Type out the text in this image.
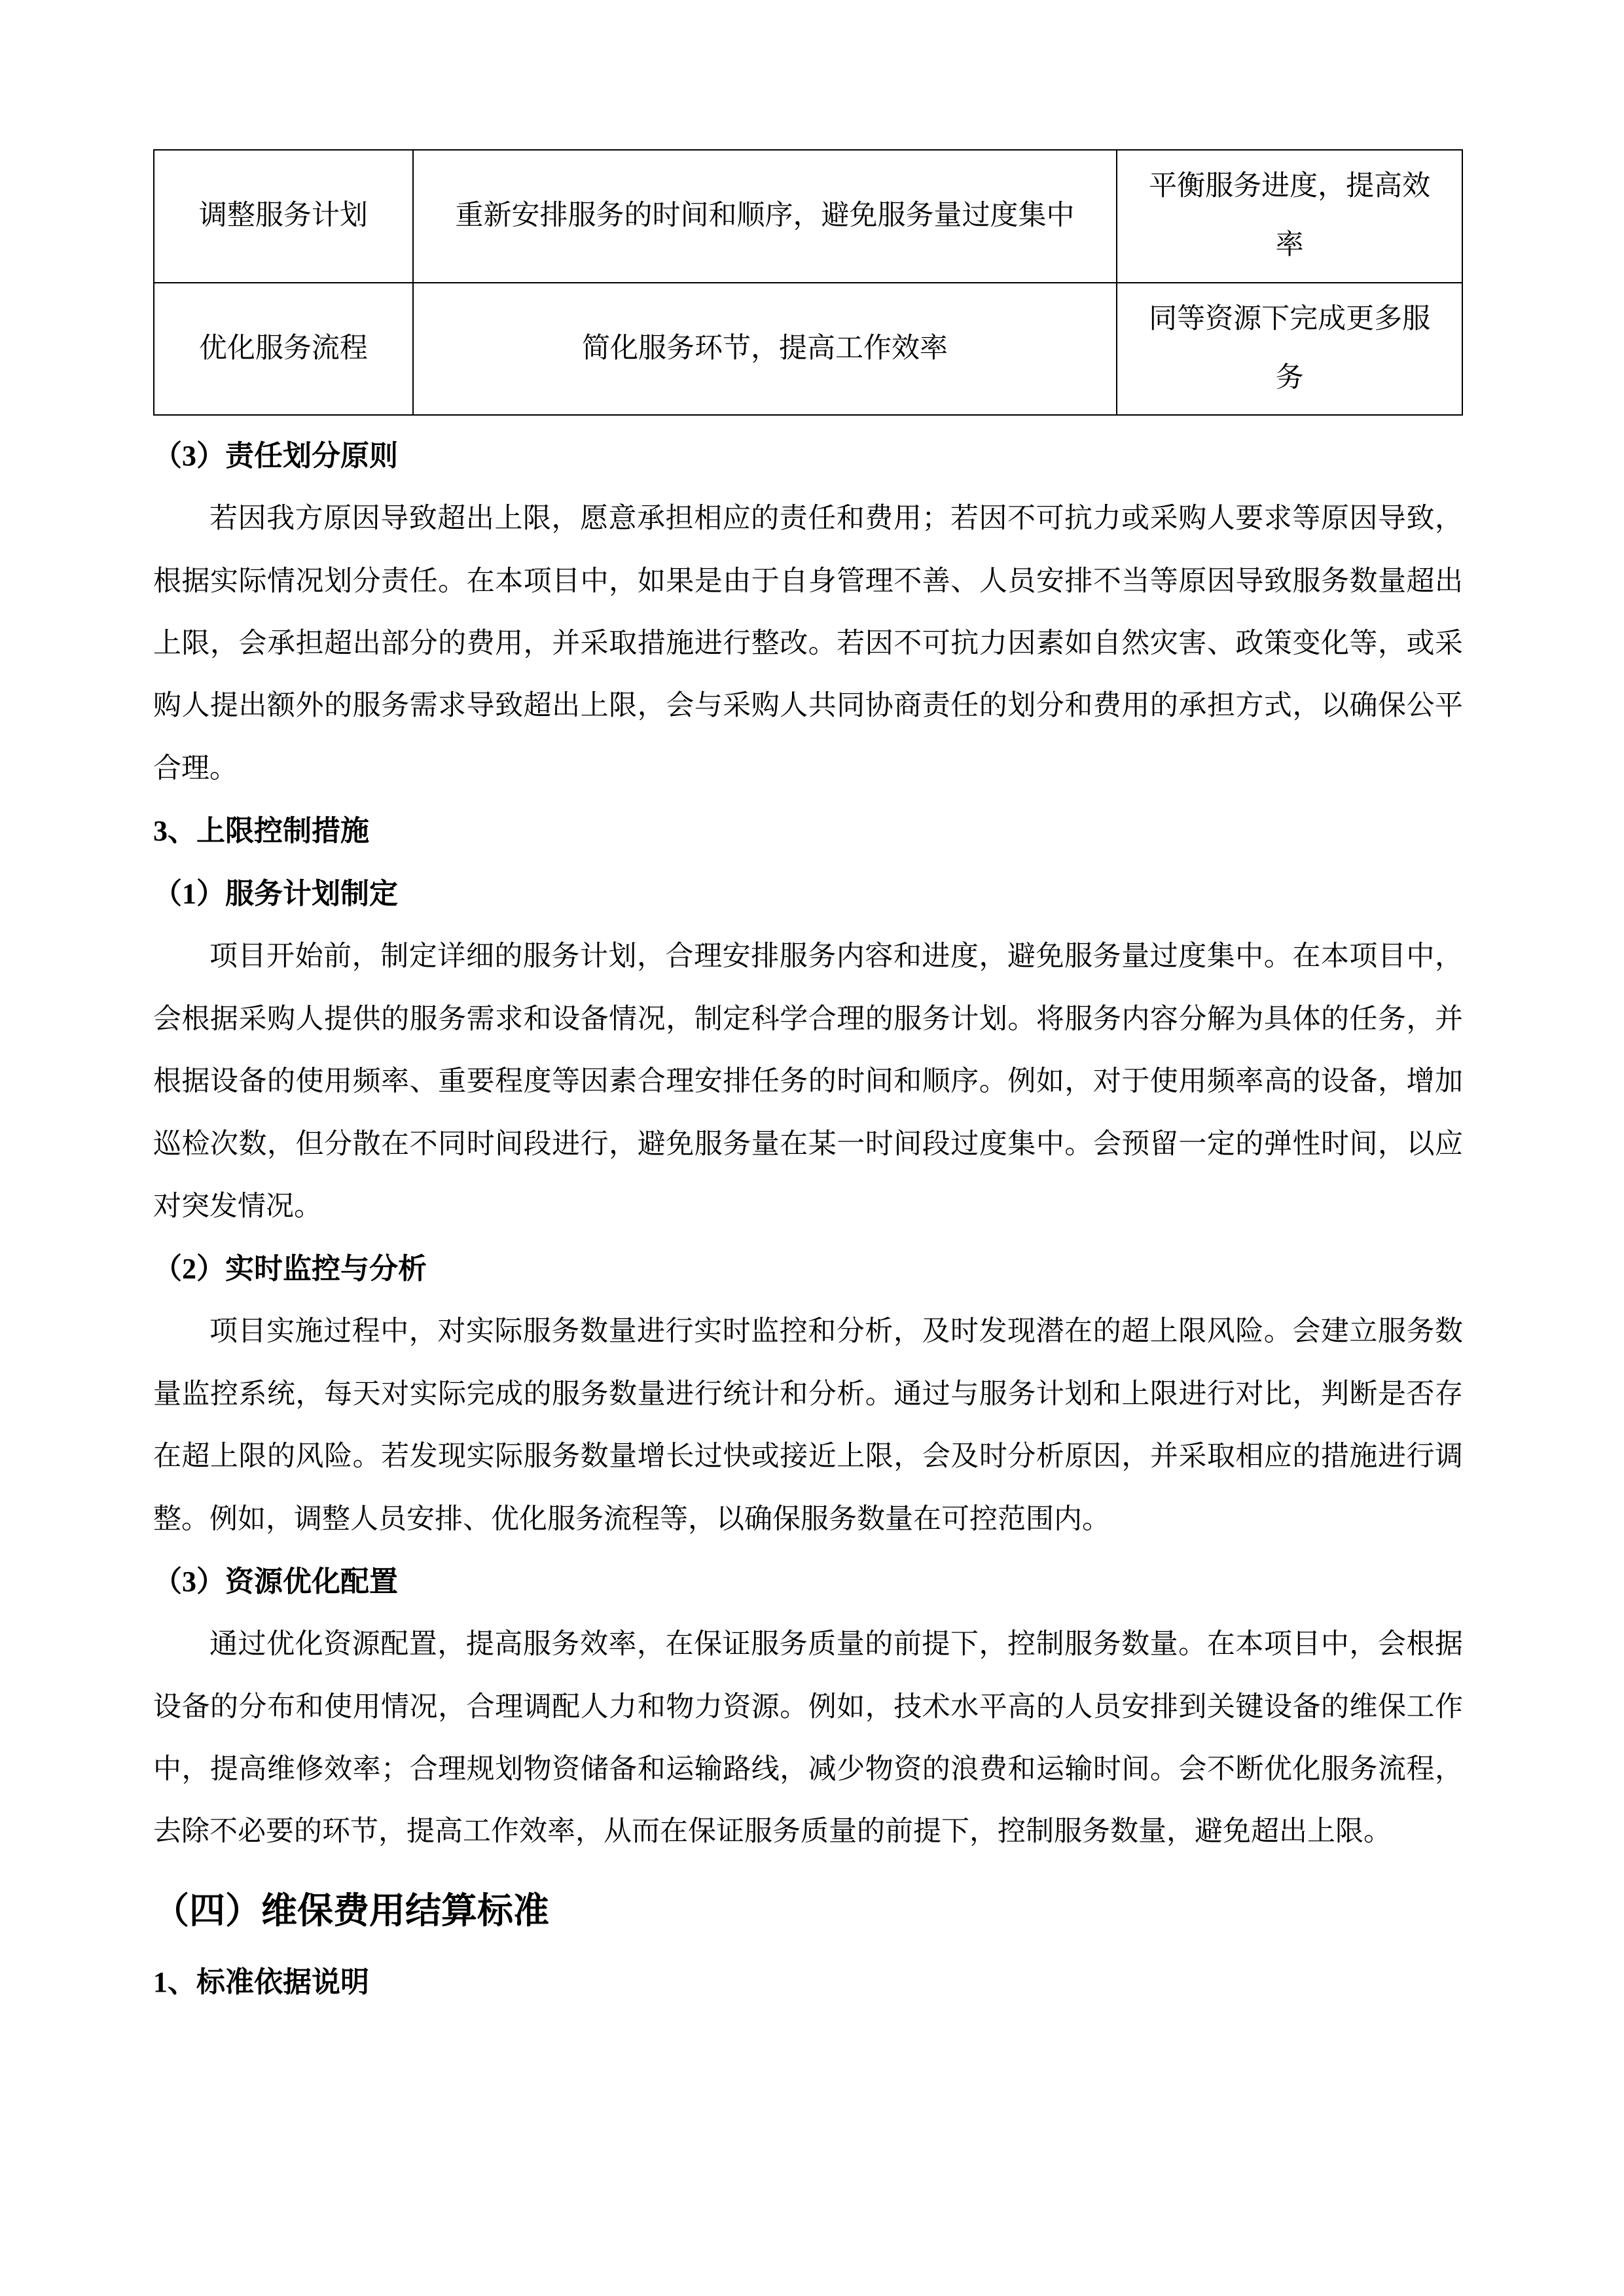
调整服务计划	重新安排服务的时间和顺序，避免服务量过度集中	平衡服务进度，提高效率
优化服务流程	简化服务环节，提高工作效率	同等资源下完成更多服务
（3）责任划分原则

若因我方原因导致超出上限，愿意承担相应的责任和费用；若因不可抗力或采购人要求等原因导致，根据实际情况划分责任。在本项目中，如果是由于自身管理不善、人员安排不当等原因导致服务数量超出上限，会承担超出部分的费用，并采取措施进行整改。若因不可抗力因素如自然灾害、政策变化等，或采购人提出额外的服务需求导致超出上限，会与采购人共同协商责任的划分和费用的承担方式，以确保公平合理。

3、上限控制措施
（1）服务计划制定

项目开始前，制定详细的服务计划，合理安排服务内容和进度，避免服务量过度集中。在本项目中，会根据采购人提供的服务需求和设备情况，制定科学合理的服务计划。将服务内容分解为具体的任务，并根据设备的使用频率、重要程度等因素合理安排任务的时间和顺序。例如，对于使用频率高的设备，增加巡检次数，但分散在不同时间段进行，避免服务量在某一时间段过度集中。会预留一定的弹性时间，以应对突发情况。

（2）实时监控与分析

项目实施过程中，对实际服务数量进行实时监控和分析，及时发现潜在的超上限风险。会建立服务数量监控系统，每天对实际完成的服务数量进行统计和分析。通过与服务计划和上限进行对比，判断是否存在超上限的风险。若发现实际服务数量增长过快或接近上限，会及时分析原因，并采取相应的措施进行调整。例如，调整人员安排、优化服务流程等，以确保服务数量在可控范围内。

（3）资源优化配置

通过优化资源配置，提高服务效率，在保证服务质量的前提下，控制服务数量。在本项目中，会根据设备的分布和使用情况，合理调配人力和物力资源。例如，技术水平高的人员安排到关键设备的维保工作中，提高维修效率；合理规划物资储备和运输路线，减少物资的浪费和运输时间。会不断优化服务流程，去除不必要的环节，提高工作效率，从而在保证服务质量的前提下，控制服务数量，避免超出上限。

（四）维保费用结算标准
1、标准依据说明
